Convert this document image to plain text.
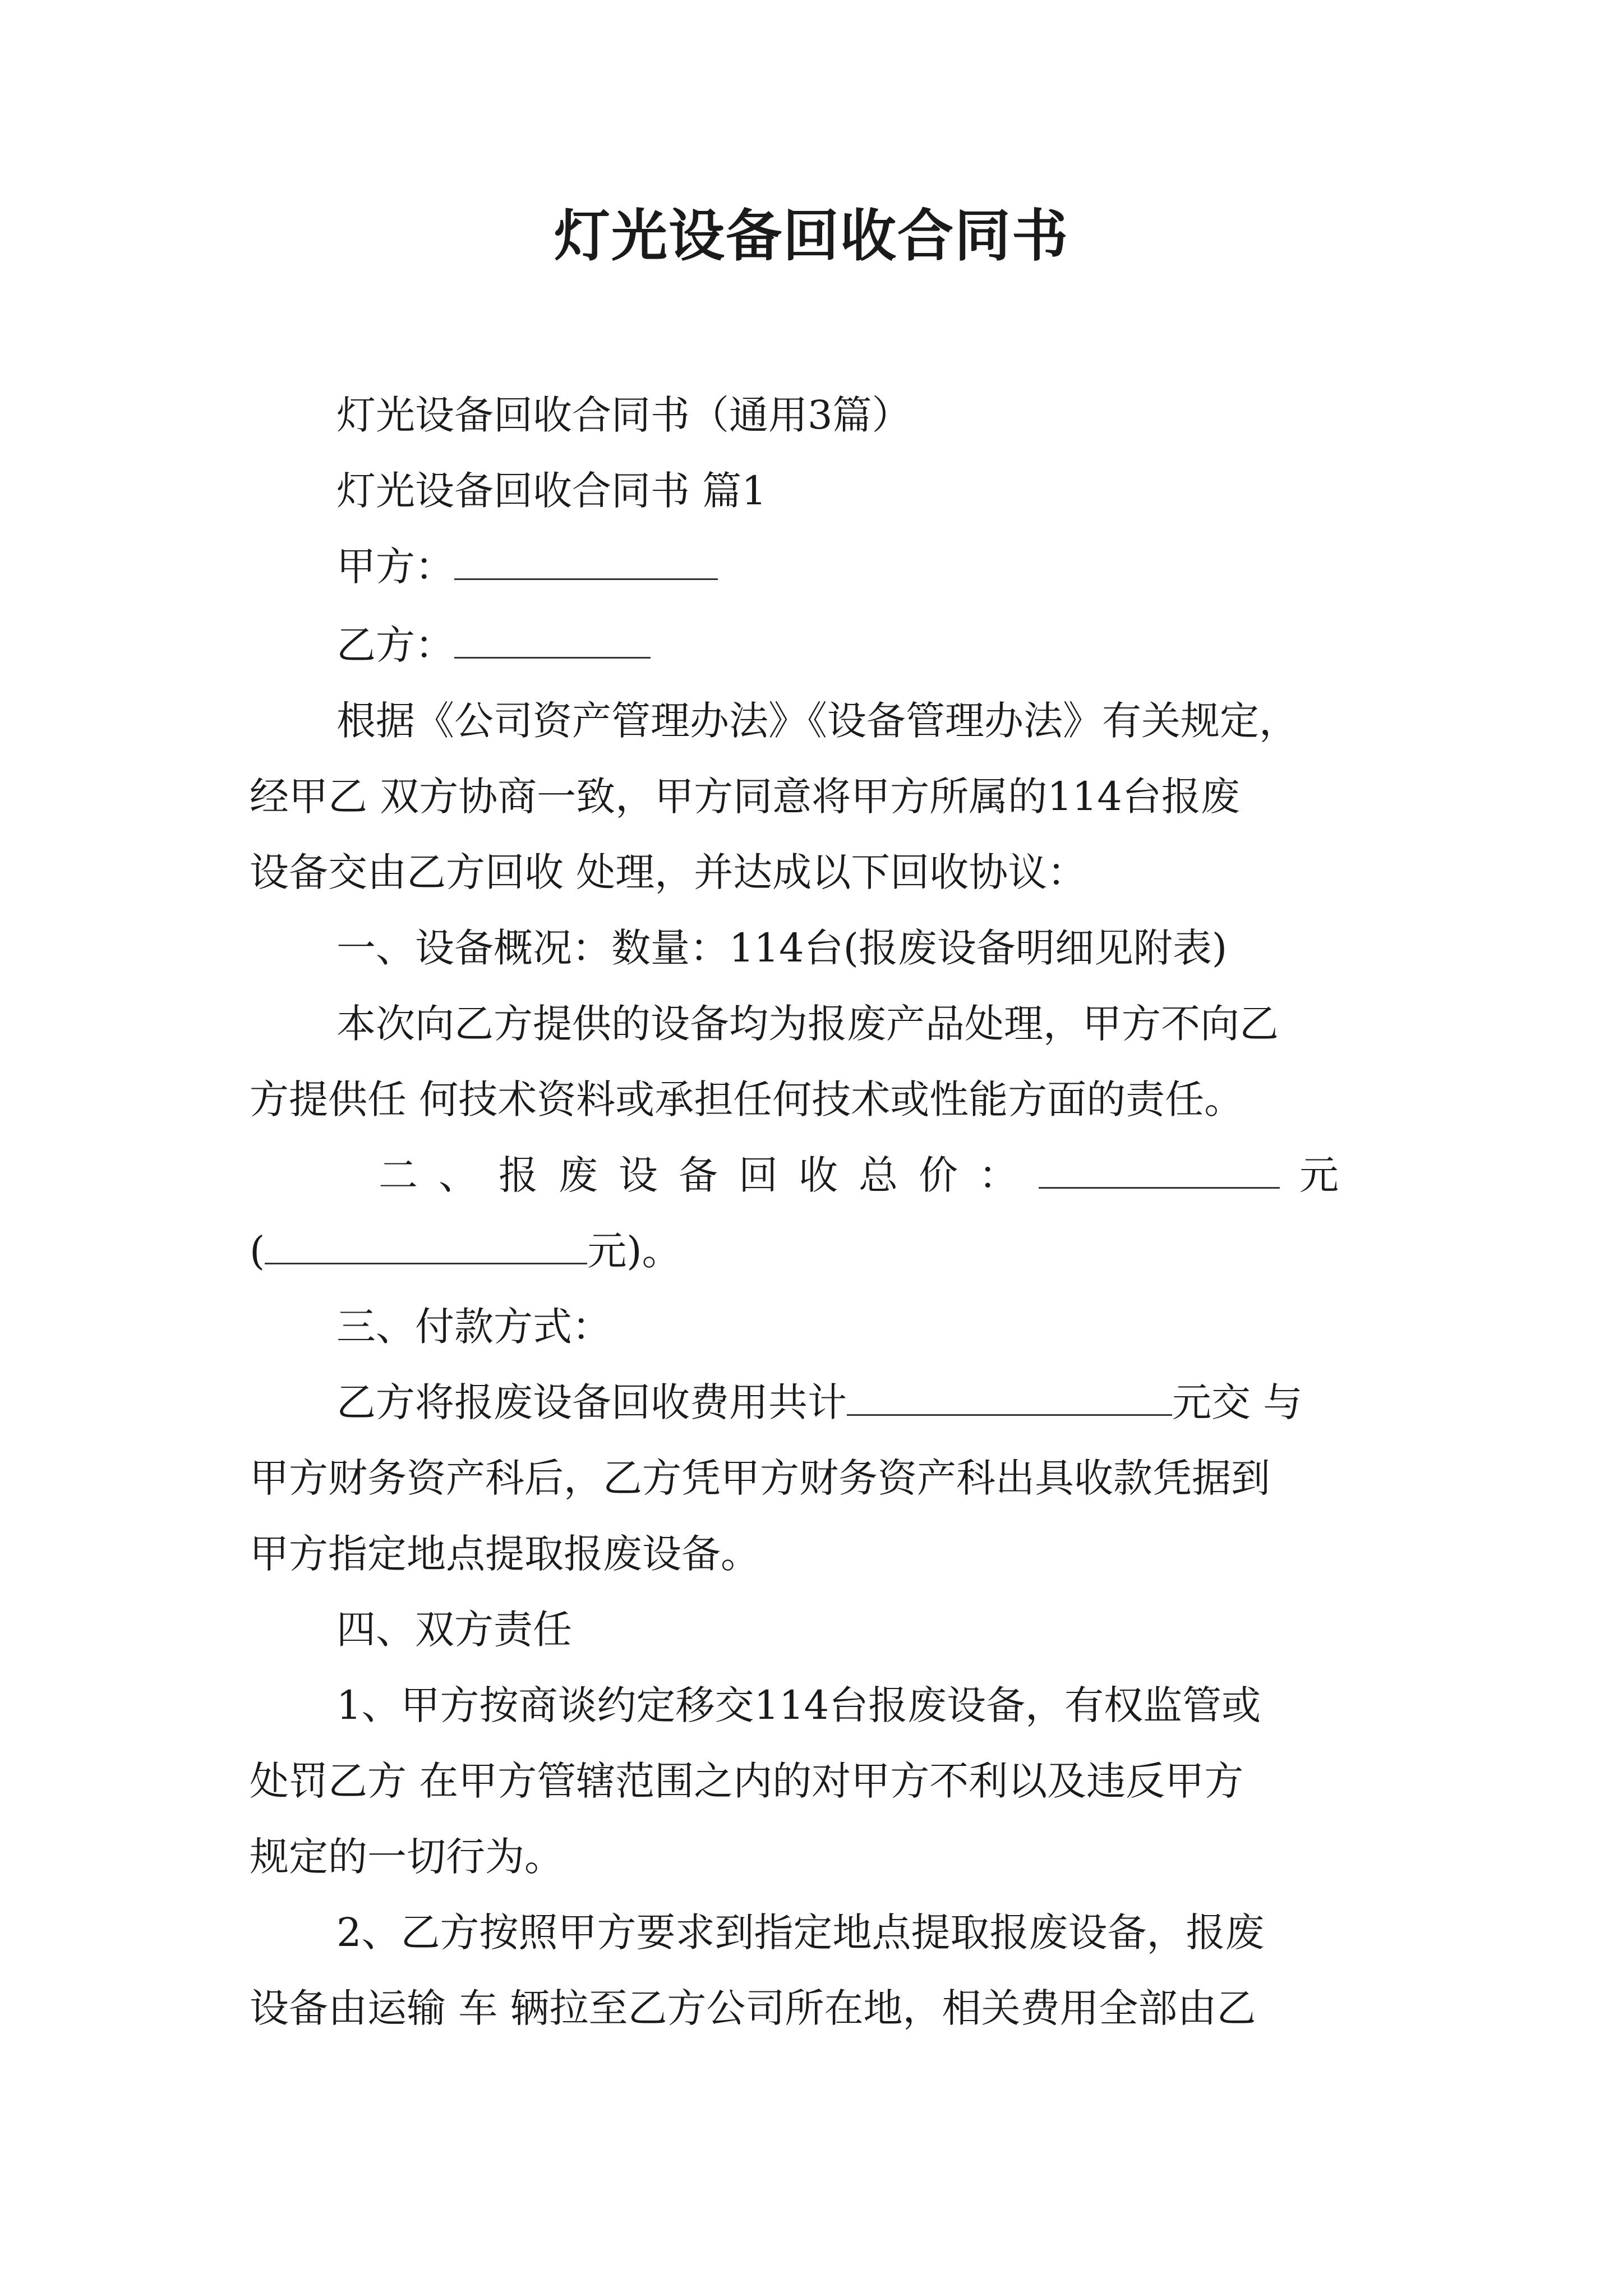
灯光设备回收合同书
灯光设备回收合同书（通用3篇）
灯光设备回收合同书 篇1
甲方：
乙方：
根据《公司资产管理办法》《设备管理办法》有关规定，
经甲乙 双方协商一致，甲方同意将甲方所属的114台报废
设备交由乙方回收 处理，并达成以下回收协议：
一、设备概况：数量：114台(报废设备明细见附表)
本次向乙方提供的设备均为报废产品处理，甲方不向乙
方提供任 何技术资料或承担任何技术或性能方面的责任。
二、报废设备回收总价：	元
(	元)。
三、付款方式：
乙方将报废设备回收费用共计	元交 与
甲方财务资产科后，乙方凭甲方财务资产科出具收款凭据到
甲方指定地点提取报废设备。
四、双方责任
1、甲方按商谈约定移交114台报废设备，有权监管或
处罚乙方 在甲方管辖范围之内的对甲方不利以及违反甲方
规定的一切行为。
2、乙方按照甲方要求到指定地点提取报废设备，报废
设备由运输 车 辆拉至乙方公司所在地，相关费用全部由乙
